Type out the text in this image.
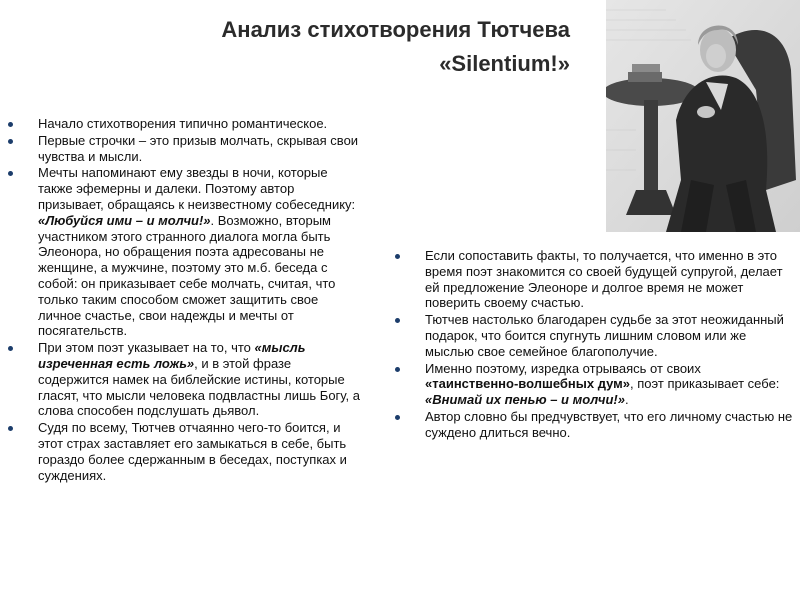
Анализ стихотворения Тютчева
«Silentium!»
Начало стихотворения типично романтическое.
Первые строчки – это призыв молчать, скрывая свои чувства и мысли.
Мечты напоминают ему звезды в ночи, которые также эфемерны и далеки. Поэтому автор призывает, обращаясь к неизвестному собеседнику: «Любуйся ими – и молчи!». Возможно, вторым участником этого странного диалога могла быть Элеонора, но обращения поэта адресованы не женщине, а мужчине, поэтому это м.б. беседа с собой: он приказывает себе молчать, считая, что только таким способом сможет защитить свое личное счастье, свои надежды и мечты от посягательств.
При этом поэт указывает на то, что «мысль изреченная есть ложь», и в этой фразе содержится намек на библейские истины, которые гласят, что мысли человека подвластны лишь Богу, а слова способен подслушать дьявол.
Судя по всему, Тютчев отчаянно чего-то боится, и этот страх заставляет его замыкаться в себе, быть гораздо более сдержанным в беседах, поступках и суждениях.
Если сопоставить факты, то получается, что именно в это время поэт знакомится со своей будущей супругой, делает ей предложение Элеоноре и долгое время не может поверить своему счастью.
Тютчев настолько благодарен судьбе за этот неожиданный подарок, что боится спугнуть лишним словом или же мыслью свое семейное благополучие.
Именно поэтому, изредка отрываясь от своих «таинственно-волшебных дум», поэт приказывает себе: «Внимай их пенью – и молчи!».
Автор словно бы предчувствует, что его личному счастью не суждено длиться вечно.
